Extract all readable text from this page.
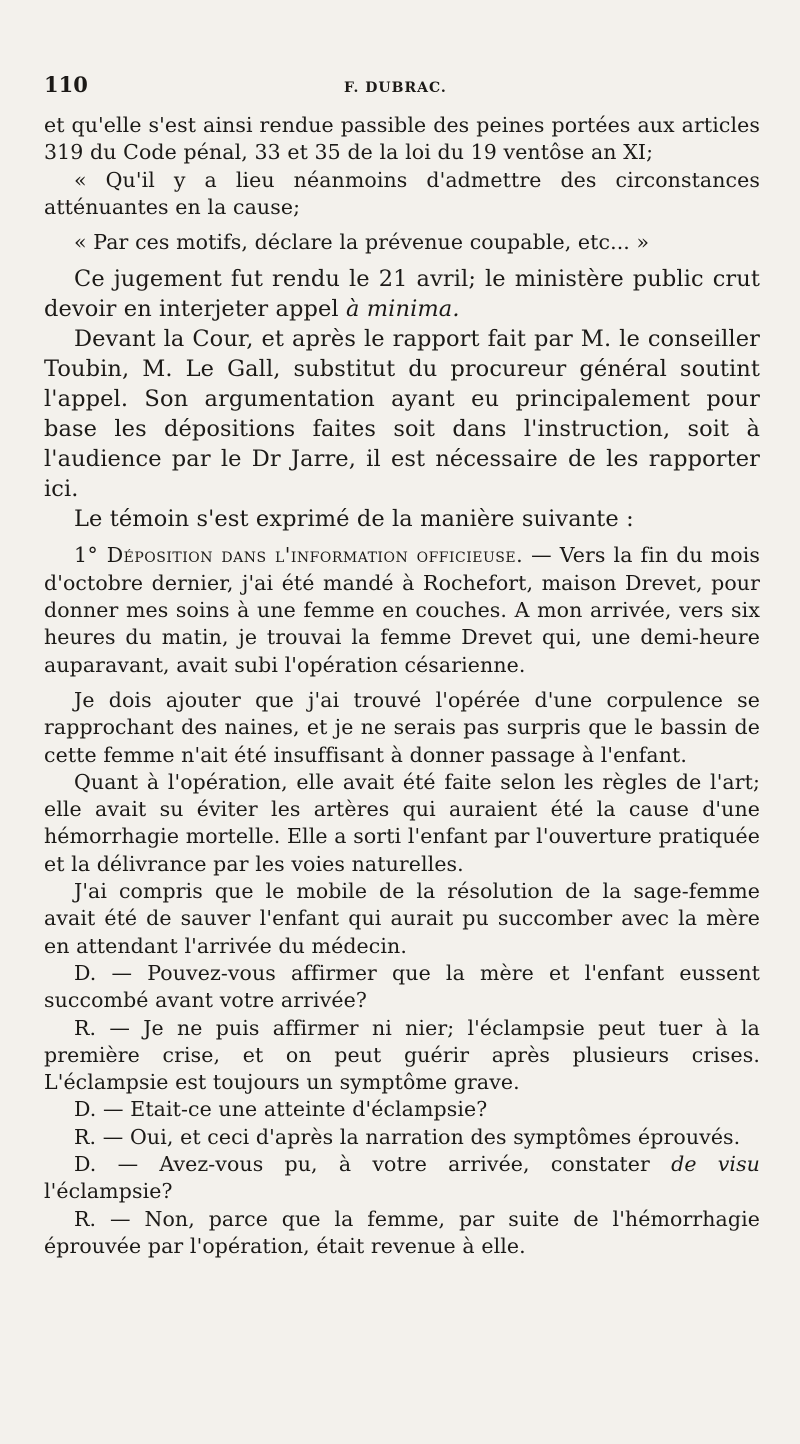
110	F. DUBRAC.

et qu'elle s'est ainsi rendue passible des peines portées aux articles 319 du Code pénal, 33 et 35 de la loi du 19 ventôse an XI;

« Qu'il y a lieu néanmoins d'admettre des circonstances atténuantes en la cause;

« Par ces motifs, déclare la prévenue coupable, etc... »

Ce jugement fut rendu le 21 avril; le ministère public crut devoir en interjeter appel à minima.

Devant la Cour, et après le rapport fait par M. le conseiller Toubin, M. Le Gall, substitut du procureur général soutint l'appel. Son argumentation ayant eu principalement pour base les dépositions faites soit dans l'instruction, soit à l'audience par le Dr Jarre, il est nécessaire de les rapporter ici.

Le témoin s'est exprimé de la manière suivante :

1° Déposition dans l'information officieuse. — Vers la fin du mois d'octobre dernier, j'ai été mandé à Rochefort, maison Drevet, pour donner mes soins à une femme en couches. A mon arrivée, vers six heures du matin, je trouvai la femme Drevet qui, une demi-heure auparavant, avait subi l'opération césarienne.

Je dois ajouter que j'ai trouvé l'opérée d'une corpulence se rapprochant des naines, et je ne serais pas surpris que le bassin de cette femme n'ait été insuffisant à donner passage à l'enfant.

Quant à l'opération, elle avait été faite selon les règles de l'art; elle avait su éviter les artères qui auraient été la cause d'une hémorrhagie mortelle. Elle a sorti l'enfant par l'ouverture pratiquée et la délivrance par les voies naturelles.

J'ai compris que le mobile de la résolution de la sage-femme avait été de sauver l'enfant qui aurait pu succomber avec la mère en attendant l'arrivée du médecin.

D. — Pouvez-vous affirmer que la mère et l'enfant eussent succombé avant votre arrivée?

R. — Je ne puis affirmer ni nier; l'éclampsie peut tuer à la première crise, et on peut guérir après plusieurs crises. L'éclampsie est toujours un symptôme grave.

D. — Etait-ce une atteinte d'éclampsie?

R. — Oui, et ceci d'après la narration des symptômes éprouvés.

D. — Avez-vous pu, à votre arrivée, constater de visu l'éclampsie?

R. — Non, parce que la femme, par suite de l'hémorrhagie éprouvée par l'opération, était revenue à elle.
